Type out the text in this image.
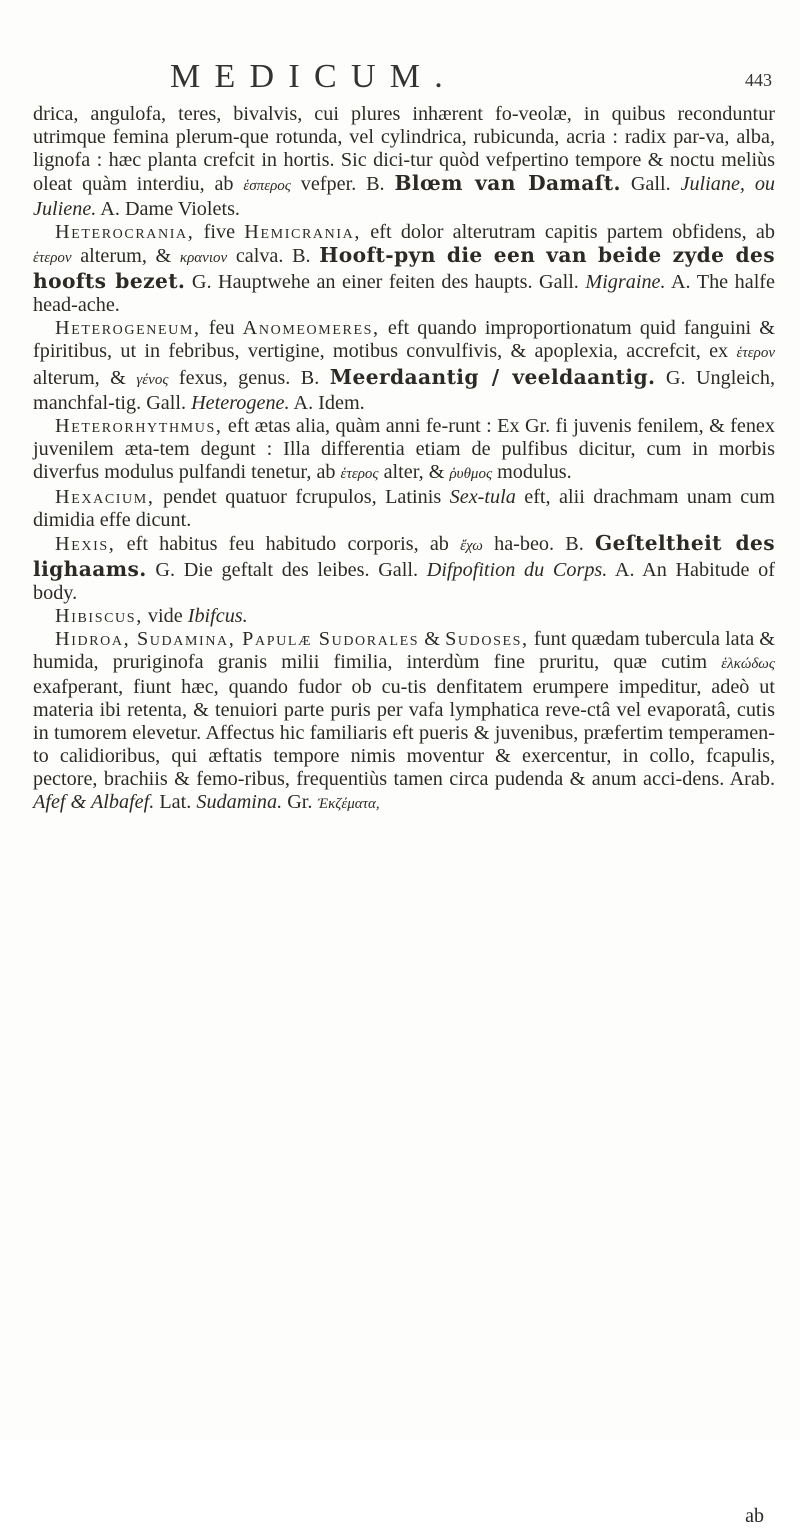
MEDICUM.	443

drica, angulofa, teres, bivalvis, cui plures inhærent fo-veolæ, in quibus reconduntur utrimque femina plerum-que rotunda, vel cylindrica, rubicunda, acria : radix par-va, alba, lignofa : hæc planta crefcit in hortis. Sic dici-tur quòd vefpertino tempore & noctu meliùs oleat quàm interdiu, ab ἑσπερος vefper. B. Blœm van Damaſt. Gall. Juliane, ou Juliene. A. Dame Violets.

Heterocrania, five Hemicrania, eft dolor alterutram capitis partem obfidens, ab ἑτερον alterum, & κρανιον calva. B. Hooft-pyn die een van beide zyde des hoofts bezet. G. Hauptwehe an einer feiten des haupts. Gall. Migraine. A. The halfe head-ache.

Heterogeneum, feu Anomeomeres, eft quando improportionatum quid fanguini & fpiritibus, ut in febribus, vertigine, motibus convulfivis, & apoplexia, accrefcit, ex ἑτερον alterum, & γένος fexus, genus. B. Meerdaantig / veeldaantig. G. Ungleich, manchfal-tig. Gall. Heterogene. A. Idem.

Heterorhythmus, eft ætas alia, quàm anni fe-runt : Ex Gr. fi juvenis fenilem, & fenex juvenilem æta-tem degunt : Illa differentia etiam de pulfibus dicitur, cum in morbis diverfus modulus pulfandi tenetur, ab ἑτερος alter, & ῥυθμος modulus.

Hexacium, pendet quatuor fcrupulos, Latinis Sex-tula eft, alii drachmam unam cum dimidia effe dicunt.

Hexis, eft habitus feu habitudo corporis, ab ἔχω ha-beo. B. Geſteltheit des lighaams. G. Die geftalt des leibes. Gall. Difpofition du Corps. A. An Habitude of body.

Hibiscus, vide Ibifcus.

Hidroa, Sudamina, Papulæ Sudorales & Sudoses, funt quædam tubercula lata & humida, pruriginofa granis milii fimilia, interdùm fine pruritu, quæ cutim ἑλκώδως exafperant, fiunt hæc, quando fudor ob cu-tis denfitatem erumpere impeditur, adeò ut materia ibi retenta, & tenuiori parte puris per vafa lymphatica reve-ctâ vel evaporatâ, cutis in tumorem elevetur. Affectus hic familiaris eft pueris & juvenibus, præfertim temperamen-to calidioribus, qui æftatis tempore nimis moventur & exercentur, in collo, fcapulis, pectore, brachiis & femo-ribus, frequentiùs tamen circa pudenda & anum acci-dens. Arab. Afef & Albafef. Lat. Sudamina. Gr. Ἐκζέματα,

ab
